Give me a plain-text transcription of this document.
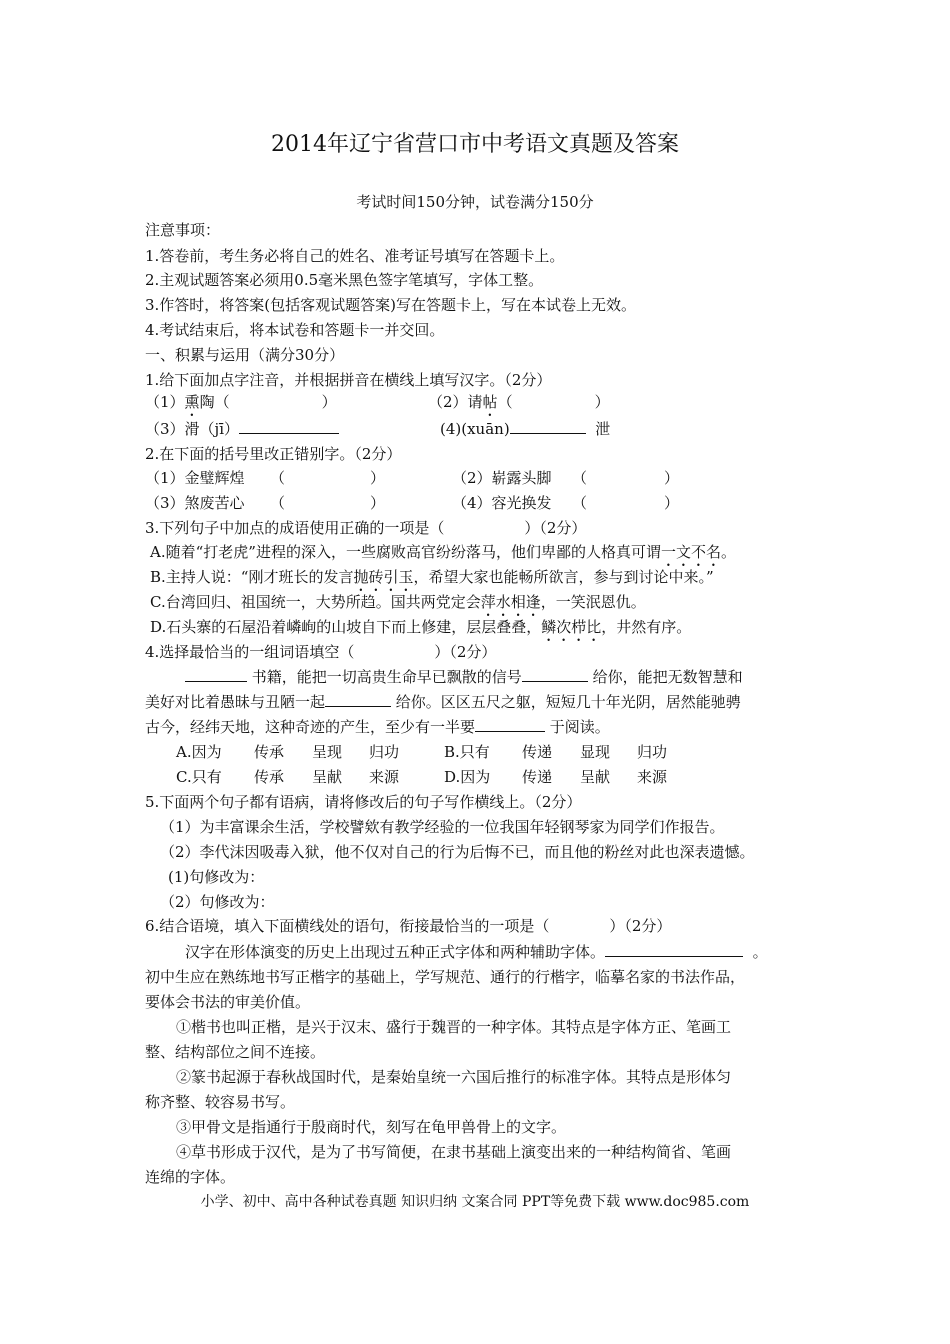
2014年辽宁省营口市中考语文真题及答案
考试时间150分钟，试卷满分150分
注意事项：
1.答卷前，考生务必将自己的姓名、准考证号填写在答题卡上。
2.主观试题答案必须用0.5毫米黑色签字笔填写，字体工整。
3.作答时，将答案(包括客观试题答案)写在答题卡上，写在本试卷上无效。
4.考试结束后，将本试卷和答题卡一并交回。
一、积累与运用（满分30分）
1.给下面加点字注音，并根据拼音在横线上填写汉字。（2分）
（1）熏陶（	）	（2）请帖（	）
（3）滑（jī）	(4)(xuān)	泄
2.在下面的括号里改正错别字。（2分）
（1）金璧辉煌 （	）	（2）崭露头脚 （	）
（3）煞废苦心 （	）	（4）容光换发 （	）
3.下列句子中加点的成语使用正确的一项是（	）（2分）
A.随着“打老虎”进程的深入，一些腐败高官纷纷落马，他们卑鄙的人格真可谓一文不名。
B.主持人说：“刚才班长的发言抛砖引玉，希望大家也能畅所欲言，参与到讨论中来。”
C.台湾回归、祖国统一，大势所趋。国共两党定会萍水相逢，一笑泯恩仇。
D.石头寨的石屋沿着嶙峋的山坡自下而上修建，层层叠叠，鳞次栉比，井然有序。
4.选择最恰当的一组词语填空（	）（2分）
书籍，能把一切高贵生命早已飘散的信号	给你，能把无数智慧和
美好对比着愚昧与丑陋一起	给你。区区五尺之躯，短短几十年光阴，居然能驰骋
古今，经纬天地，这种奇迹的产生，至少有一半要	于阅读。
A.因为 传承 呈现 归功	B.只有 传递 显现 归功
C.只有 传承 呈献 来源	D.因为 传递 呈献 来源
5.下面两个句子都有语病，请将修改后的句子写作横线上。（2分）
（1）为丰富课余生活，学校譬欸有教学经验的一位我国年轻钢琴家为同学们作报告。
（2）李代沫因吸毒入狱，他不仅对自己的行为后悔不已，而且他的粉丝对此也深表遗憾。
(1)句修改为：
（2）句修改为：
6.结合语境，填入下面横线处的语句，衔接最恰当的一项是（	）（2分）
汉字在形体演变的历史上出现过五种正式字体和两种辅助字体。	。
初中生应在熟练地书写正楷字的基础上，学写规范、通行的行楷字，临摹名家的书法作品，
要体会书法的审美价值。
①楷书也叫正楷，是兴于汉末、盛行于魏晋的一种字体。其特点是字体方正、笔画工
整、结构部位之间不连接。
②篆书起源于春秋战国时代，是秦始皇统一六国后推行的标准字体。其特点是形体匀
称齐整、较容易书写。
③甲骨文是指通行于殷商时代，刻写在龟甲兽骨上的文字。
④草书形成于汉代，是为了书写简便，在隶书基础上演变出来的一种结构简省、笔画
连绵的字体。
小学、初中、高中各种试卷真题 知识归纳 文案合同 PPT等免费下载 www.doc985.com
